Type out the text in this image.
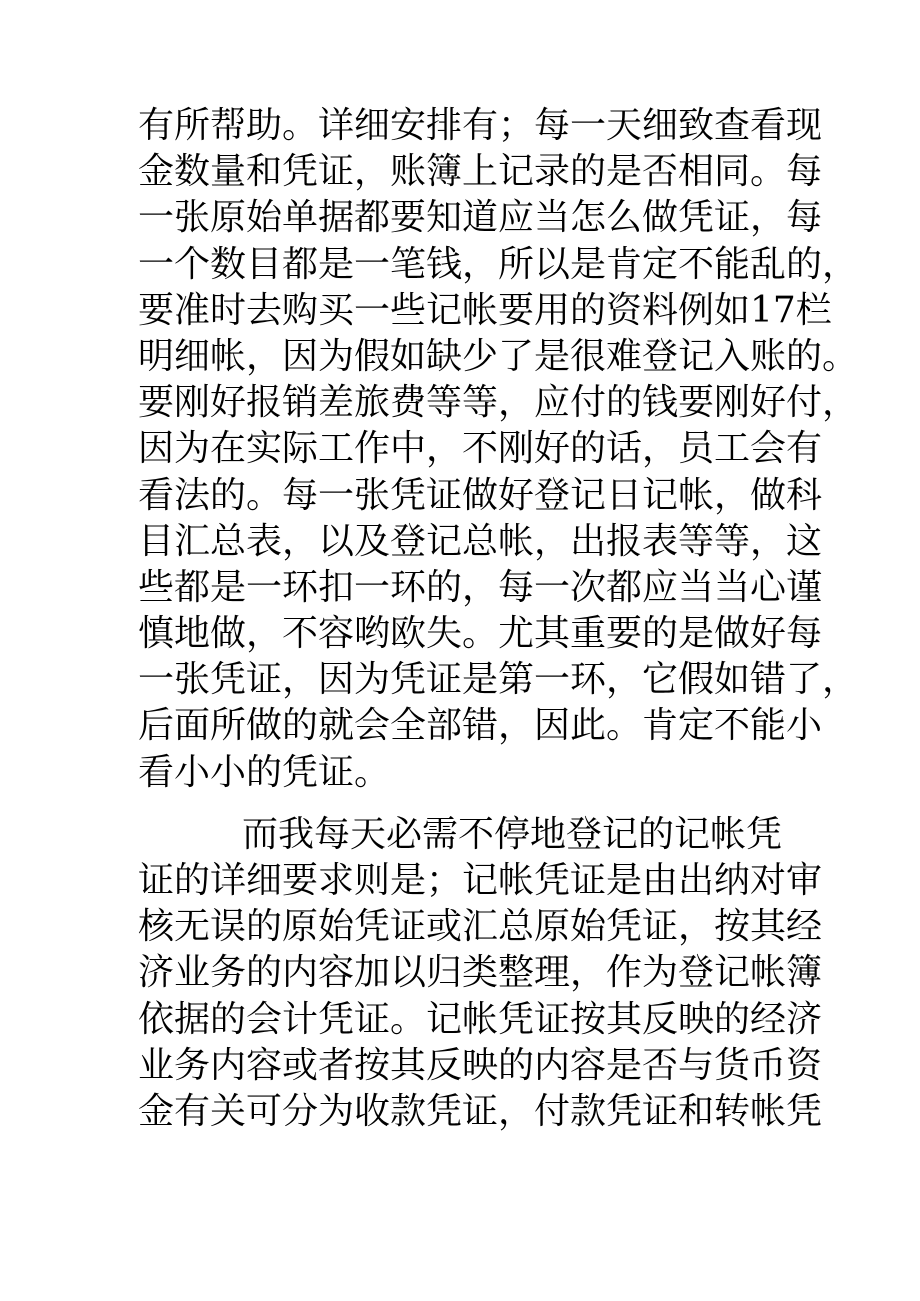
有所帮助。详细安排有；每一天细致查看现
金数量和凭证，账簿上记录的是否相同。每
一张原始单据都要知道应当怎么做凭证，每
一个数目都是一笔钱，所以是肯定不能乱的，
要准时去购买一些记帐要用的资料例如17栏
明细帐，因为假如缺少了是很难登记入账的。
要刚好报销差旅费等等，应付的钱要刚好付，
因为在实际工作中，不刚好的话，员工会有
看法的。每一张凭证做好登记日记帐，做科
目汇总表，以及登记总帐，出报表等等，这
些都是一环扣一环的，每一次都应当当心谨
慎地做，不容哟欧失。尤其重要的是做好每
一张凭证，因为凭证是第一环，它假如错了，
后面所做的就会全部错，因此。肯定不能小
看小小的凭证。
而我每天必需不停地登记的记帐凭
证的详细要求则是；记帐凭证是由出纳对审
核无误的原始凭证或汇总原始凭证，按其经
济业务的内容加以归类整理，作为登记帐簿
依据的会计凭证。记帐凭证按其反映的经济
业务内容或者按其反映的内容是否与货币资
金有关可分为收款凭证，付款凭证和转帐凭
